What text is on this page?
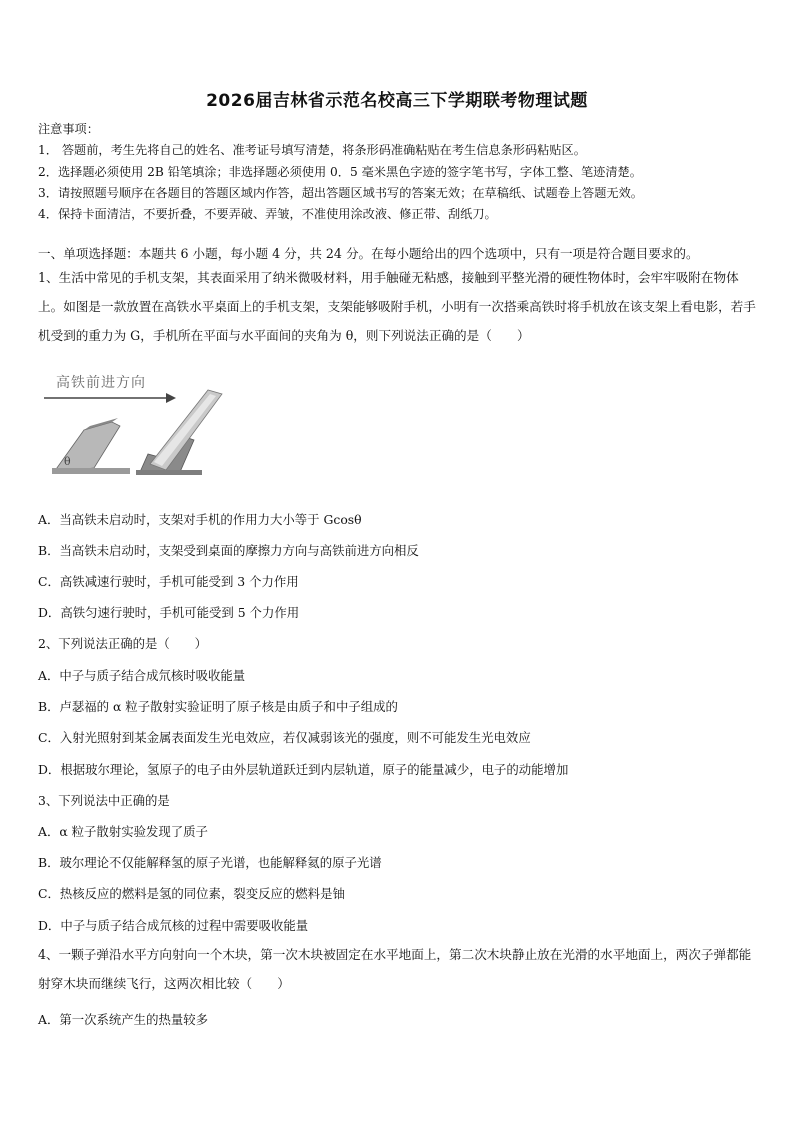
2026届吉林省示范名校高三下学期联考物理试题
注意事项：
1． 答题前，考生先将自己的姓名、准考证号填写清楚，将条形码准确粘贴在考生信息条形码粘贴区。
2．选择题必须使用 2B 铅笔填涂；非选择题必须使用 0．5 毫米黑色字迹的签字笔书写，字体工整、笔迹清楚。
3．请按照题号顺序在各题目的答题区域内作答，超出答题区域书写的答案无效；在草稿纸、试题卷上答题无效。
4．保持卡面清洁，不要折叠，不要弄破、弄皱，不准使用涂改液、修正带、刮纸刀。
一、单项选择题：本题共 6 小题，每小题 4 分，共 24 分。在每小题给出的四个选项中，只有一项是符合题目要求的。
1、生活中常见的手机支架，其表面采用了纳米微吸材料，用手触碰无粘感，接触到平整光滑的硬性物体时，会牢牢吸附在物体上。如图是一款放置在高铁水平桌面上的手机支架，支架能够吸附手机，小明有一次搭乘高铁时将手机放在该支架上看电影，若手机受到的重力为 G，手机所在平面与水平面间的夹角为 θ，则下列说法正确的是（　　）
高铁前进方向
θ
A．当高铁未启动时，支架对手机的作用力大小等于 Gcosθ
B．当高铁未启动时，支架受到桌面的摩擦力方向与高铁前进方向相反
C．高铁减速行驶时，手机可能受到 3 个力作用
D．高铁匀速行驶时，手机可能受到 5 个力作用
2、下列说法正确的是（　　）
A．中子与质子结合成氘核时吸收能量
B．卢瑟福的 α 粒子散射实验证明了原子核是由质子和中子组成的
C．入射光照射到某金属表面发生光电效应，若仅减弱该光的强度，则不可能发生光电效应
D．根据玻尔理论，氢原子的电子由外层轨道跃迁到内层轨道，原子的能量减少，电子的动能增加
3、下列说法中正确的是
A．α 粒子散射实验发现了质子
B．玻尔理论不仅能解释氢的原子光谱，也能解释氦的原子光谱
C．热核反应的燃料是氢的同位素，裂变反应的燃料是铀
D．中子与质子结合成氘核的过程中需要吸收能量
4、一颗子弹沿水平方向射向一个木块，第一次木块被固定在水平地面上，第二次木块静止放在光滑的水平地面上，两次子弹都能射穿木块而继续飞行，这两次相比较（　　）
A．第一次系统产生的热量较多
